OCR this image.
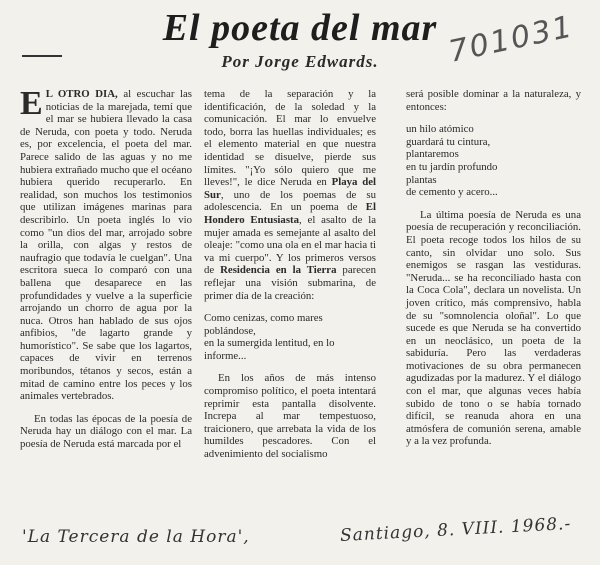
El poeta del mar 701031
Por Jorge Edwards.

E L OTRO DIA, al escuchar las noticias de la marejada, temí que el mar se hubiera llevado la casa de Neruda, con poeta y todo. Neruda es, por excelencia, el poeta del mar. Parece salido de las aguas y no me hubiera extrañado mucho que el océano hubiera querido recuperarlo. En realidad, son muchos los testimonios que utilizan imágenes marinas para describirlo. Un poeta inglés lo vio como "un dios del mar, arrojado sobre la orilla, con algas y restos de naufragio que todavía le cuelgan". Una escritora sueca lo comparó con una ballena que desaparece en las profundidades y vuelve a la superficie arrojando un chorro de agua por la nuca. Otros han hablado de sus ojos anfibios, "de lagarto grande y humorístico". Se sabe que los lagartos, capaces de vivir en terrenos moribundos, tétanos y secos, están a mitad de camino entre los peces y los animales vertebrados.

En todas las épocas de la poesía de Neruda hay un diálogo con el mar. La poesía de Neruda está marcada por el

tema de la separación y la identificación, de la soledad y la comunicación. El mar lo envuelve todo, borra las huellas individuales; es el elemento material en que nuestra identidad se disuelve, pierde sus límites. "¡Yo sólo quiero que me lleves!", le dice Neruda en Playa del Sur, uno de los poemas de su adolescencia. En un poema de El Hondero Entusiasta, el asalto de la mujer amada es semejante al asalto del oleaje: "como una ola en el mar hacia ti va mi cuerpo". Y los primeros versos de Residencia en la Tierra parecen reflejar una visión submarina, de primer día de la creación:

Como cenizas, como mares poblándose,
en la sumergida lentitud, en lo informe...

En los años de más intenso compromiso político, el poeta intentará reprimir esta pantalla disolvente. Increpa al mar tempestuoso, traicionero, que arrebata la vida de los humildes pescadores. Con el advenimiento del socialismo

será posible dominar a la naturaleza, y entonces:

un hilo atómico
guardará tu cintura,
plantaremos
en tu jardín profundo
plantas
de cemento y acero...

La última poesía de Neruda es una poesía de recuperación y reconciliación. El poeta recoge todos los hilos de su canto, sin olvidar uno solo. Sus enemigos se rasgan las vestiduras. "Neruda... se ha reconciliado hasta con la Coca Cola", declara un novelista. Un joven crítico, más comprensivo, habla de su "somnolencia oloñal". Lo que sucede es que Neruda se ha convertido en un neoclásico, un poeta de la sabiduría. Pero las verdaderas motivaciones de su obra permanecen agudizadas por la madurez. Y el diálogo con el mar, que algunas veces había subido de tono o se había tornado difícil, se reanuda ahora en una atmósfera de comunión serena, amable y a la vez profunda.

'La Tercera de la Hora',	Santiago, 8. VIII. 1968.-
